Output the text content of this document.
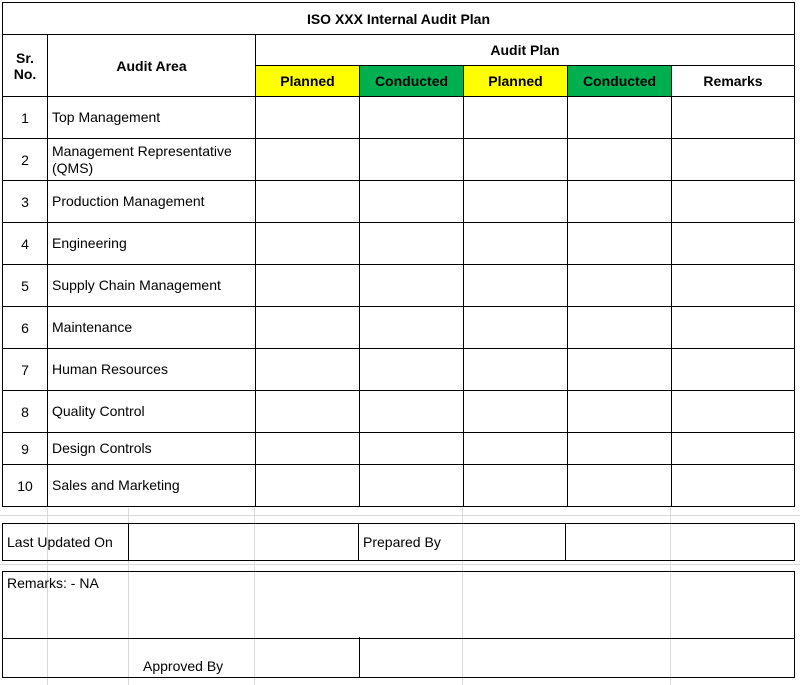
ISO XXX Internal Audit Plan						
Sr. No.	Audit Area	Audit Plan				
		Planned	Conducted	Planned	Conducted	Remarks
1	Top Management					
2	Management Representative (QMS)					
3	Production Management					
4	Engineering					
5	Supply Chain Management					
6	Maintenance					
7	Human Resources					
8	Quality Control					
9	Design Controls					
10	Sales and Marketing					
Last Updated On		Prepared By	
Remarks: - NA
Approved By
